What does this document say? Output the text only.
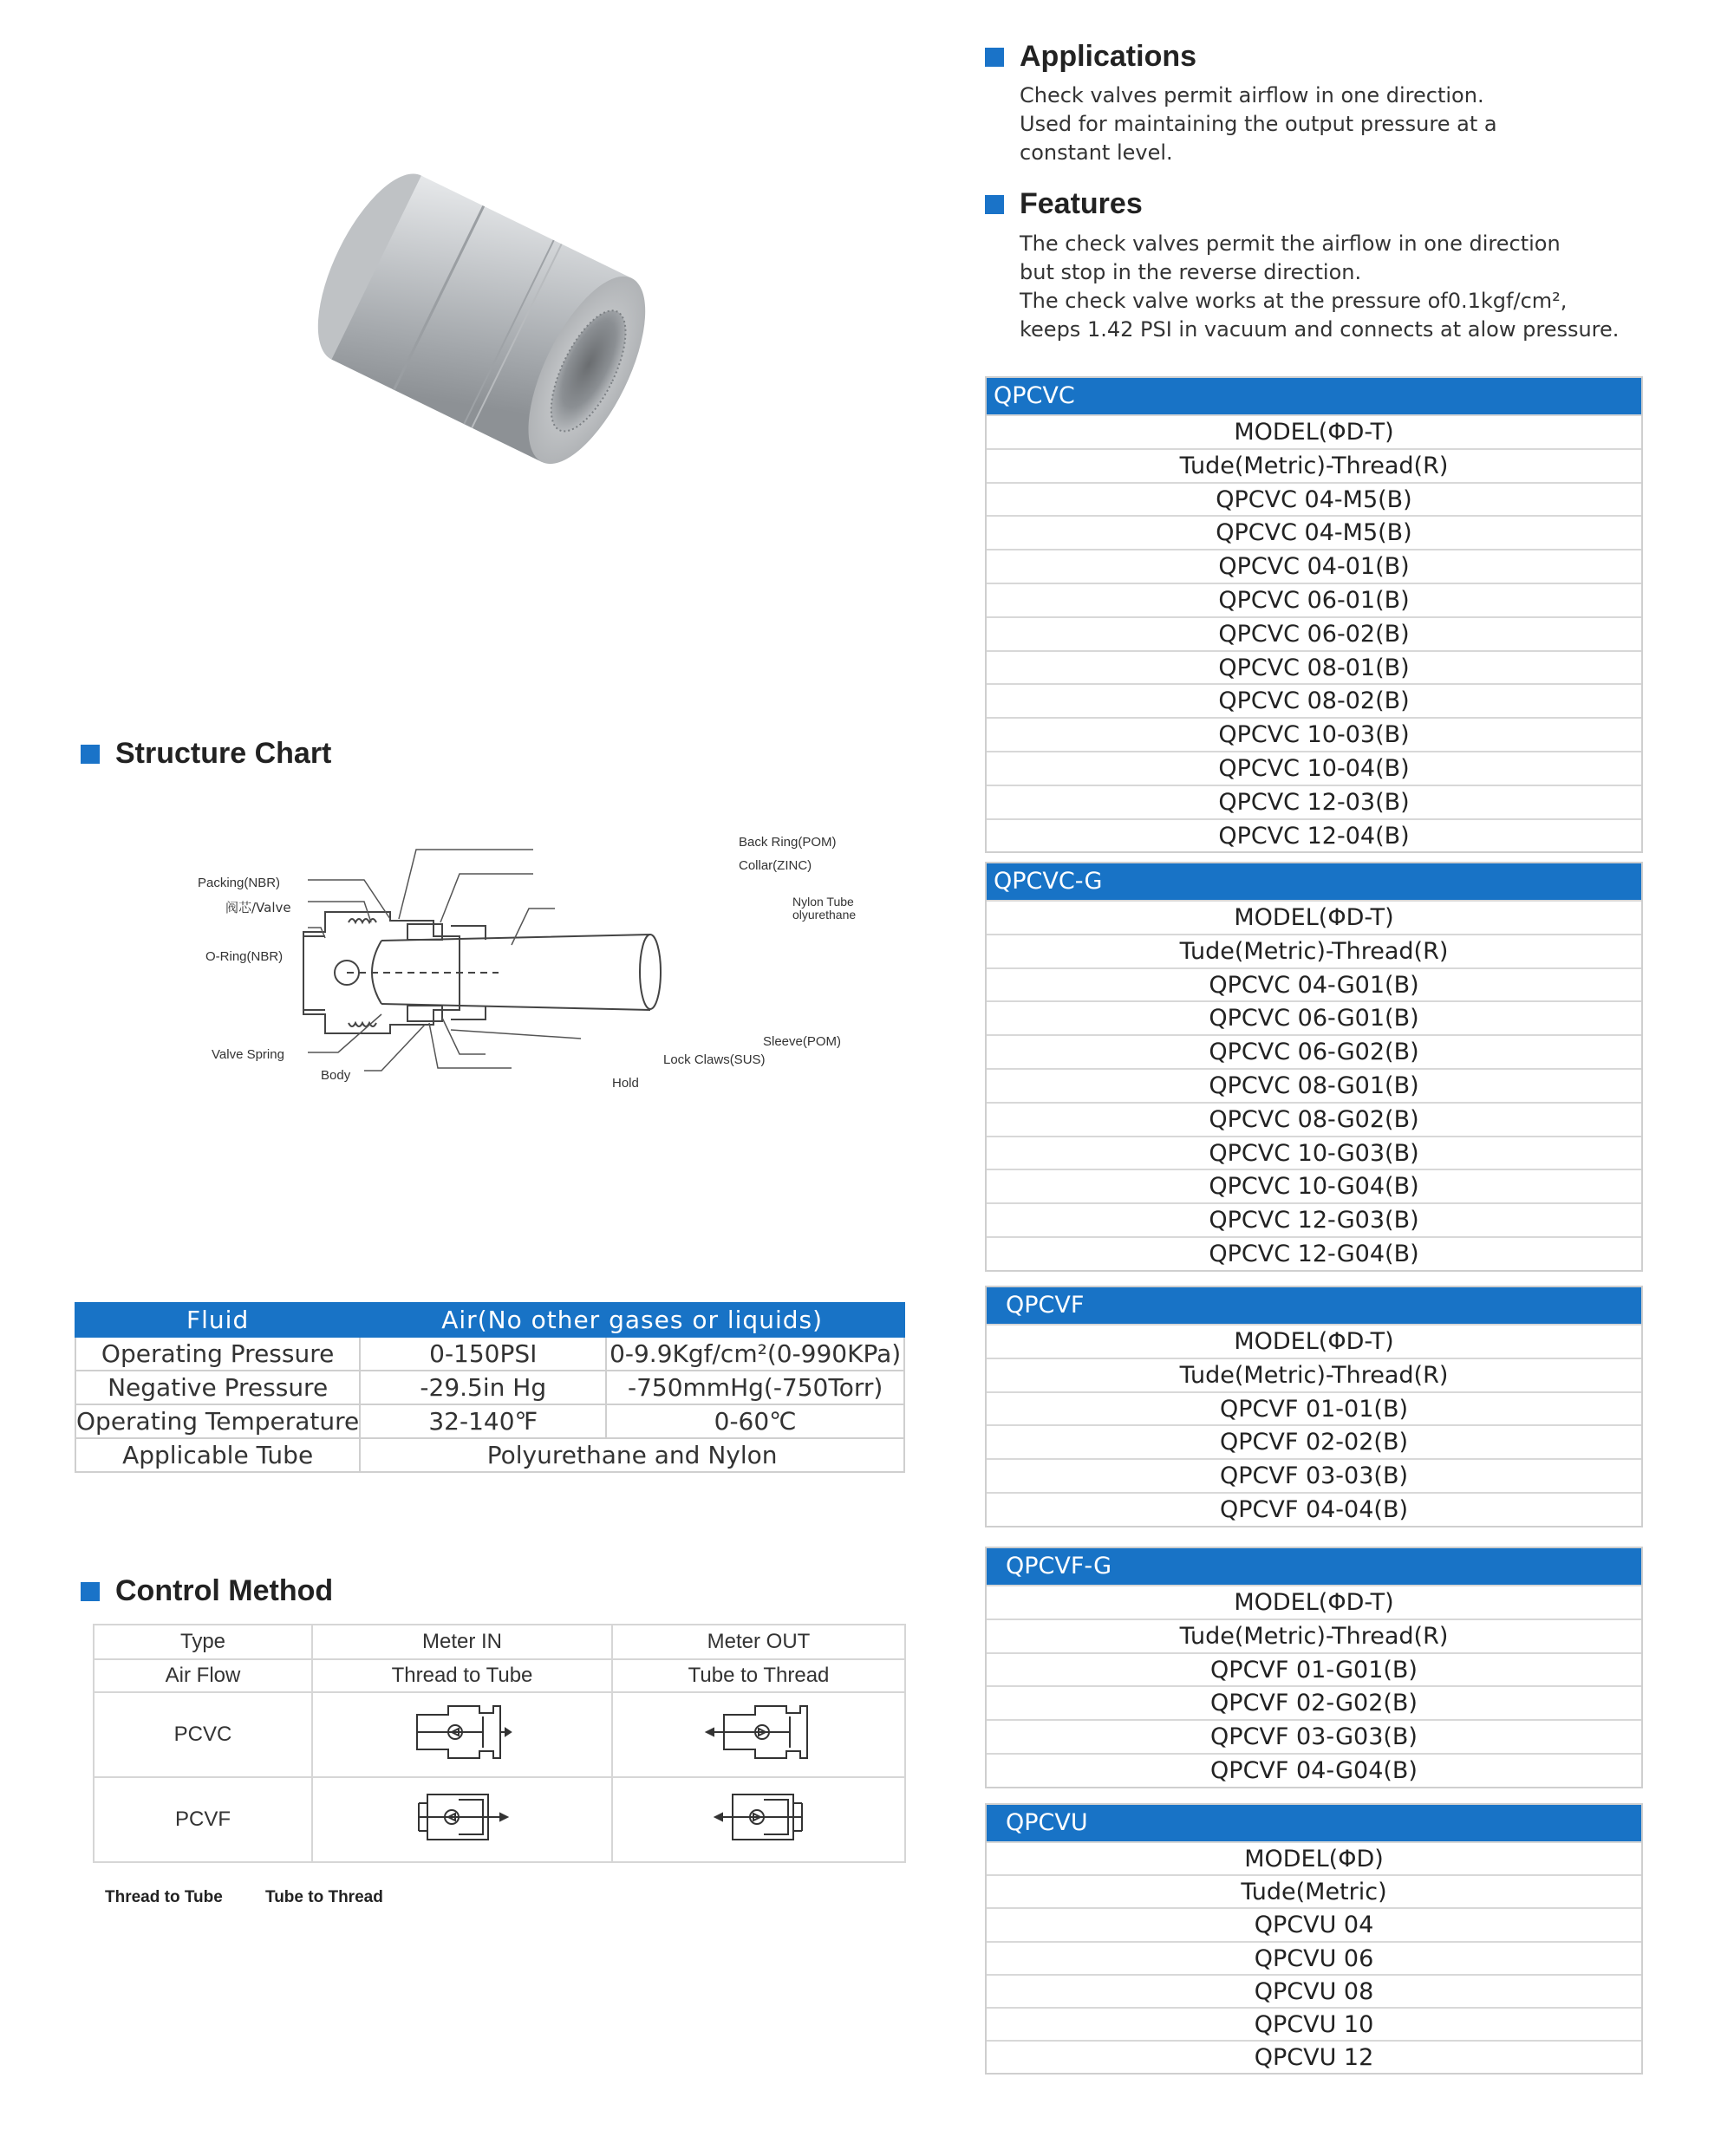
Applications
Check valves permit airflow in one direction.
Used for maintaining the output pressure at a
constant level.
Features
The check valves permit the airflow in one direction
but stop in the reverse direction.
The check valve works at the pressure of0.1kgf/cm²,
keeps 1.42 PSI in vacuum and connects at alow pressure.
Structure Chart
Packing(NBR)
阀芯/Valve
O-Ring(NBR)
Valve Spring
Body
Back Ring(POM)
Collar(ZINC)
Nylon Tube
olyurethane
Sleeve(POM)
Lock Claws(SUS)
Hold
Fluid	Air(No other gases or liquids)	
Operating Pressure	0-150PSI	0-9.9Kgf/cm²(0-990KPa)
Negative Pressure	-29.5in Hg	-750mmHg(-750Torr)
Operating Temperature	32-140℉	0-60℃
Applicable Tube	Polyurethane and Nylon	
Control Method
Type	Meter IN	Meter OUT
Air Flow	Thread to Tube	Tube to Thread
PCVC		
PCVF		
Thread to Tube	Tube to Thread
QPCVC
MODEL(ΦD-T)
Tude(Metric)-Thread(R)
QPCVC 04-M5(B)
QPCVC 04-M5(B)
QPCVC 04-01(B)
QPCVC 06-01(B)
QPCVC 06-02(B)
QPCVC 08-01(B)
QPCVC 08-02(B)
QPCVC 10-03(B)
QPCVC 10-04(B)
QPCVC 12-03(B)
QPCVC 12-04(B)
QPCVC-G
MODEL(ΦD-T)
Tude(Metric)-Thread(R)
QPCVC 04-G01(B)
QPCVC 06-G01(B)
QPCVC 06-G02(B)
QPCVC 08-G01(B)
QPCVC 08-G02(B)
QPCVC 10-G03(B)
QPCVC 10-G04(B)
QPCVC 12-G03(B)
QPCVC 12-G04(B)
QPCVF
MODEL(ΦD-T)
Tude(Metric)-Thread(R)
QPCVF 01-01(B)
QPCVF 02-02(B)
QPCVF 03-03(B)
QPCVF 04-04(B)
QPCVF-G
MODEL(ΦD-T)
Tude(Metric)-Thread(R)
QPCVF 01-G01(B)
QPCVF 02-G02(B)
QPCVF 03-G03(B)
QPCVF 04-G04(B)
QPCVU
MODEL(ΦD)
Tude(Metric)
QPCVU 04
QPCVU 06
QPCVU 08
QPCVU 10
QPCVU 12
